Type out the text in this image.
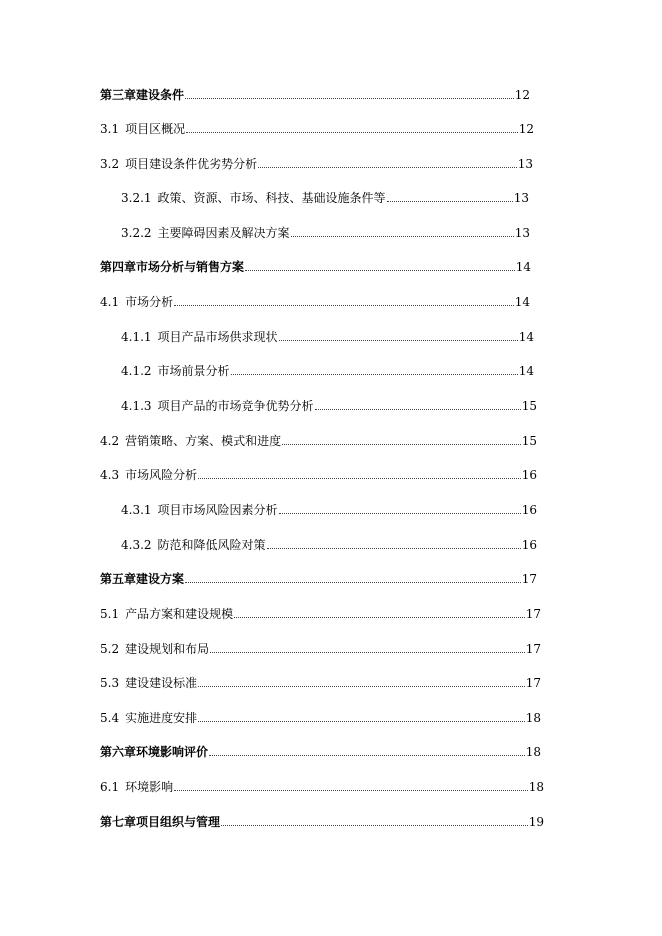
第三章建设条件	12
3.1 项目区概况	12
3.2 项目建设条件优劣势分析	13
3.2.1 政策、资源、市场、科技、基础设施条件等	13
3.2.2 主要障碍因素及解决方案	13
第四章市场分析与销售方案	14
4.1 市场分析	14
4.1.1 项目产品市场供求现状	14
4.1.2 市场前景分析	14
4.1.3 项目产品的市场竞争优势分析	15
4.2 营销策略、方案、模式和进度	15
4.3 市场风险分析	16
4.3.1 项目市场风险因素分析	16
4.3.2 防范和降低风险对策	16
第五章建设方案	17
5.1 产品方案和建设规模	17
5.2 建设规划和布局	17
5.3 建设建设标准	17
5.4 实施进度安排	18
第六章环境影响评价	18
6.1 环境影响	18
第七章项目组织与管理	19
